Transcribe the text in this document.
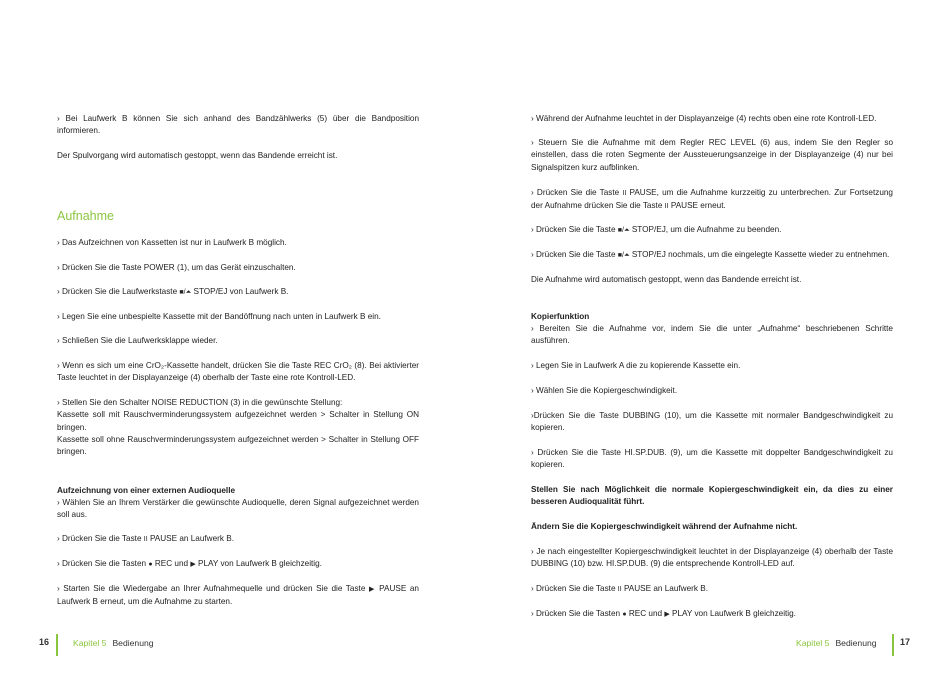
› Bei Laufwerk B können Sie sich anhand des Bandzählwerks (5) über die Bandposition informieren.
Der Spulvorgang wird automatisch gestoppt, wenn das Bandende erreicht ist.
Aufnahme
› Das Aufzeichnen von Kassetten ist nur in Laufwerk B möglich.
› Drücken Sie die Taste POWER (1), um das Gerät einzuschalten.
› Drücken Sie die Laufwerkstaste ■/⏶ STOP/EJ von Laufwerk B.
› Legen Sie eine unbespielte Kassette mit der Bandöffnung nach unten in Laufwerk B ein.
› Schließen Sie die Laufwerksklappe wieder.
› Wenn es sich um eine CrO₂-Kassette handelt, drücken Sie die Taste REC CrO₂ (8). Bei aktivierter Taste leuchtet in der Displayanzeige (4) oberhalb der Taste eine rote Kontroll-LED.
› Stellen Sie den Schalter NOISE REDUCTION (3) in die gewünschte Stellung:
Kassette soll mit Rauschverminderungssystem aufgezeichnet werden > Schalter in Stellung ON bringen.
Kassette soll ohne Rauschverminderungssystem aufgezeichnet werden > Schalter in Stellung OFF bringen.
Aufzeichnung von einer externen Audioquelle
› Wählen Sie an Ihrem Verstärker die gewünschte Audioquelle, deren Signal aufgezeichnet werden soll aus.
› Drücken Sie die Taste II PAUSE an Laufwerk B.
› Drücken Sie die Tasten ● REC und ▶ PLAY von Laufwerk B gleichzeitig.
› Starten Sie die Wiedergabe an Ihrer Aufnahmequelle und drücken Sie die Taste ▶ PAUSE an Laufwerk B erneut, um die Aufnahme zu starten.
› Während der Aufnahme leuchtet in der Displayanzeige (4) rechts oben eine rote Kontroll-LED.
› Steuern Sie die Aufnahme mit dem Regler REC LEVEL (6) aus, indem Sie den Regler so einstellen, dass die roten Segmente der Aussteuerungsanzeige in der Displayanzeige (4) nur bei Signalspitzen kurz aufblinken.
› Drücken Sie die Taste II PAUSE, um die Aufnahme kurzzeitig zu unterbrechen. Zur Fortsetzung der Aufnahme drücken Sie die Taste II PAUSE erneut.
› Drücken Sie die Taste ■/⏶ STOP/EJ, um die Aufnahme zu beenden.
› Drücken Sie die Taste ■/⏶ STOP/EJ nochmals, um die eingelegte Kassette wieder zu entnehmen.
Die Aufnahme wird automatisch gestoppt, wenn das Bandende erreicht ist.
Kopierfunktion
› Bereiten Sie die Aufnahme vor, indem Sie die unter „Aufnahme“ beschriebenen Schritte ausführen.
› Legen Sie in Laufwerk A die zu kopierende Kassette ein.
› Wählen Sie die Kopiergeschwindigkeit.
›Drücken Sie die Taste DUBBING (10), um die Kassette mit normaler Bandgeschwindigkeit zu kopieren.
› Drücken Sie die Taste HI.SP.DUB. (9), um die Kassette mit doppelter Bandgeschwindigkeit zu kopieren.
Stellen Sie nach Möglichkeit die normale Kopiergeschwindigkeit ein, da dies zu einer besseren Audioqualität führt.
Ändern Sie die Kopiergeschwindigkeit während der Aufnahme nicht.
› Je nach eingestellter Kopiergeschwindigkeit leuchtet in der Displayanzeige (4) oberhalb der Taste DUBBING (10) bzw. HI.SP.DUB. (9) die entsprechende Kontroll-LED auf.
› Drücken Sie die Taste II PAUSE an Laufwerk B.
› Drücken Sie die Tasten ● REC und ▶ PLAY von Laufwerk B gleichzeitig.
16	Kapitel 5 Bedienung	Kapitel 5 Bedienung	17
